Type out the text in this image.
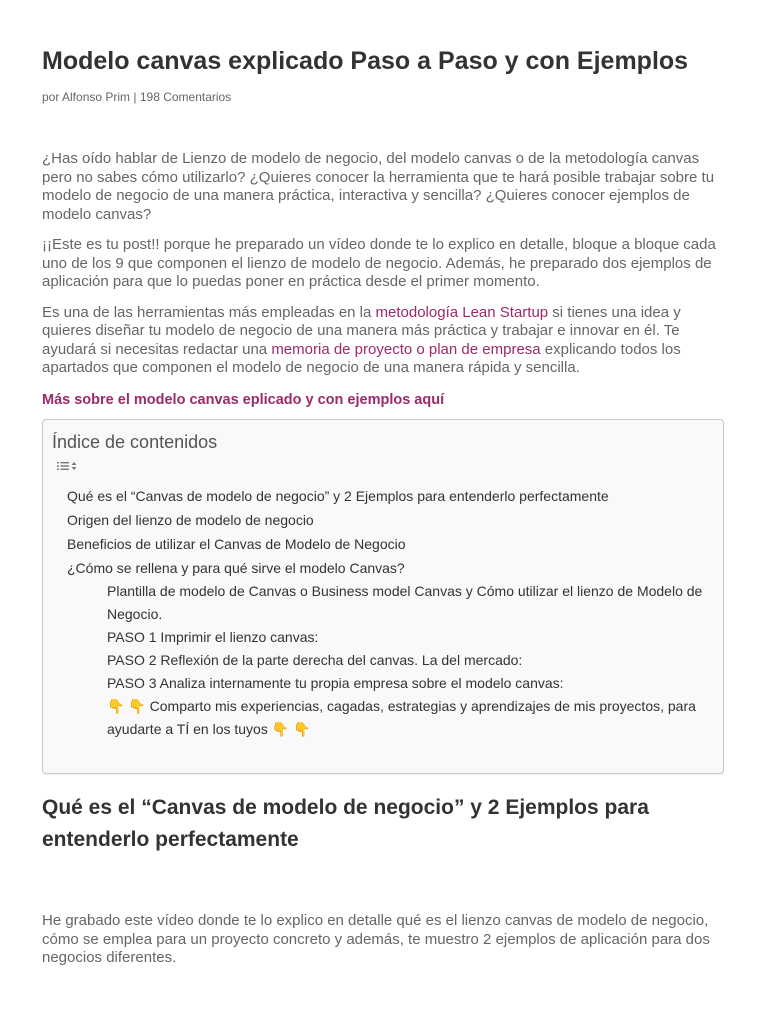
Modelo canvas explicado Paso a Paso y con Ejemplos
por Alfonso Prim | 198 Comentarios

¿Has oído hablar de Lienzo de modelo de negocio, del modelo canvas o de la metodología canvas pero no sabes cómo utilizarlo? ¿Quieres conocer la herramienta que te hará posible trabajar sobre tu modelo de negocio de una manera práctica, interactiva y sencilla? ¿Quieres conocer ejemplos de modelo canvas?

¡¡Este es tu post!! porque he preparado un vídeo donde te lo explico en detalle, bloque a bloque cada uno de los 9 que componen el lienzo de modelo de negocio. Además, he preparado dos ejemplos de aplicación para que lo puedas poner en práctica desde el primer momento.

Es una de las herramientas más empleadas en la metodología Lean Startup si tienes una idea y quieres diseñar tu modelo de negocio de una manera más práctica y trabajar e innovar en él. Te ayudará si necesitas redactar una memoria de proyecto o plan de empresa explicando todos los apartados que componen el modelo de negocio de una manera rápida y sencilla.

Más sobre el modelo canvas eplicado y con ejemplos aquí
Índice de contenidos
Qué es el “Canvas de modelo de negocio” y 2 Ejemplos para entenderlo perfectamente
Origen del lienzo de modelo de negocio
Beneficios de utilizar el Canvas de Modelo de Negocio
¿Cómo se rellena y para qué sirve el modelo Canvas?
Plantilla de modelo de Canvas o Business model Canvas y Cómo utilizar el lienzo de Modelo de Negocio.
PASO 1 Imprimir el lienzo canvas:
PASO 2 Reflexión de la parte derecha del canvas. La del mercado:
PASO 3 Analiza internamente tu propia empresa sobre el modelo canvas:
👇 👇 Comparto mis experiencias, cagadas, estrategias y aprendizajes de mis proyectos, para ayudarte a TÍ en los tuyos 👇 👇
Qué es el “Canvas de modelo de negocio” y 2 Ejemplos para entenderlo perfectamente

He grabado este vídeo donde te lo explico en detalle qué es el lienzo canvas de modelo de negocio, cómo se emplea para un proyecto concreto y además, te muestro 2 ejemplos de aplicación para dos negocios diferentes.
